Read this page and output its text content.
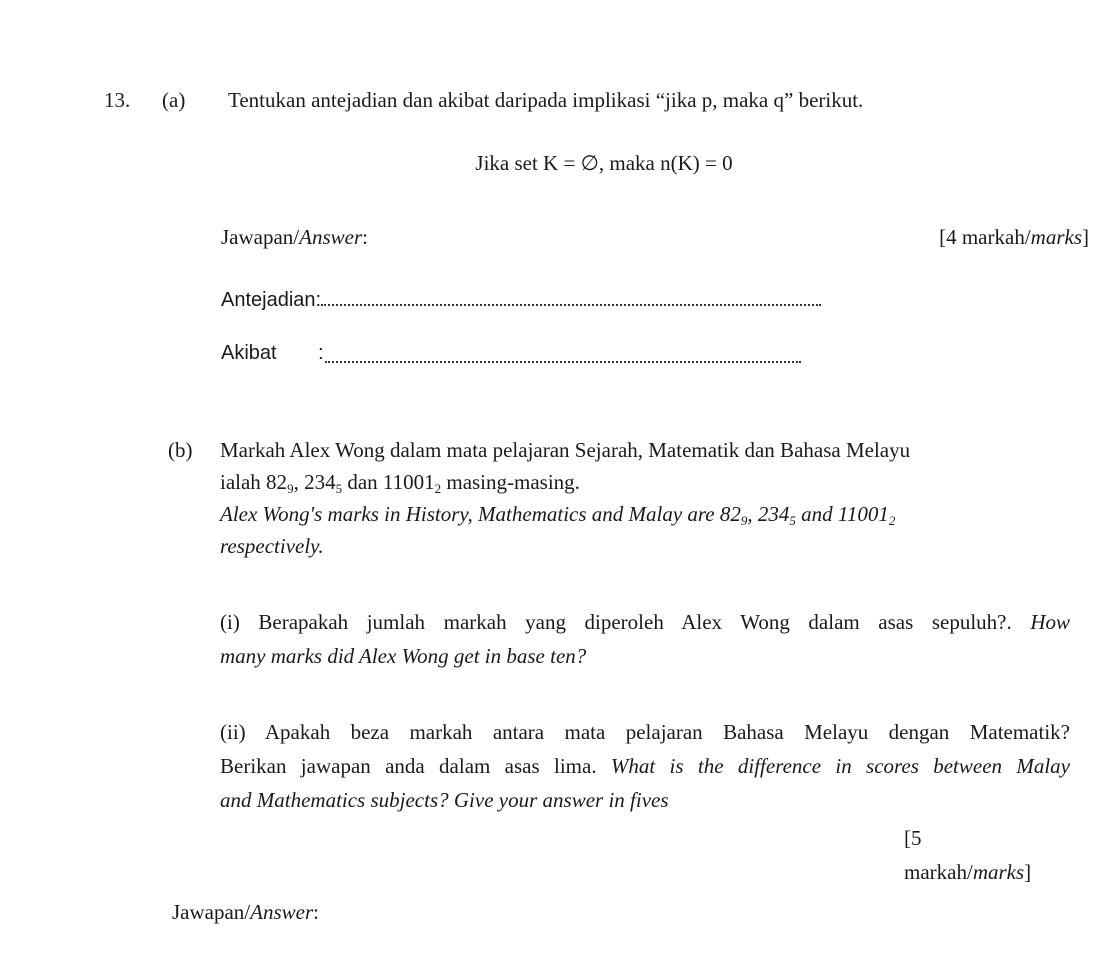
13. (a) Tentukan antejadian dan akibat daripada implikasi “jika p, maka q” berikut.
Jika set K = ∅, maka n(K) = 0
Jawapan/Answer:	[4 markah/marks]
Antejadian:
Akibat :
(b) Markah Alex Wong dalam mata pelajaran Sejarah, Matematik dan Bahasa Melayu
ialah $82_9$, $234_5$ dan $11001_2$ masing-masing.
Alex Wong's marks in History, Mathematics and Malay are $82_9$, $234_5$ and $11001_2$
respectively.
(i) Berapakah jumlah markah yang diperoleh Alex Wong dalam asas sepuluh?. How
many marks did Alex Wong get in base ten?
(ii) Apakah beza markah antara mata pelajaran Bahasa Melayu dengan Matematik?
Berikan jawapan anda dalam asas lima. What is the difference in scores between Malay
and Mathematics subjects? Give your answer in fives
[5
markah/marks]
Jawapan/Answer:
